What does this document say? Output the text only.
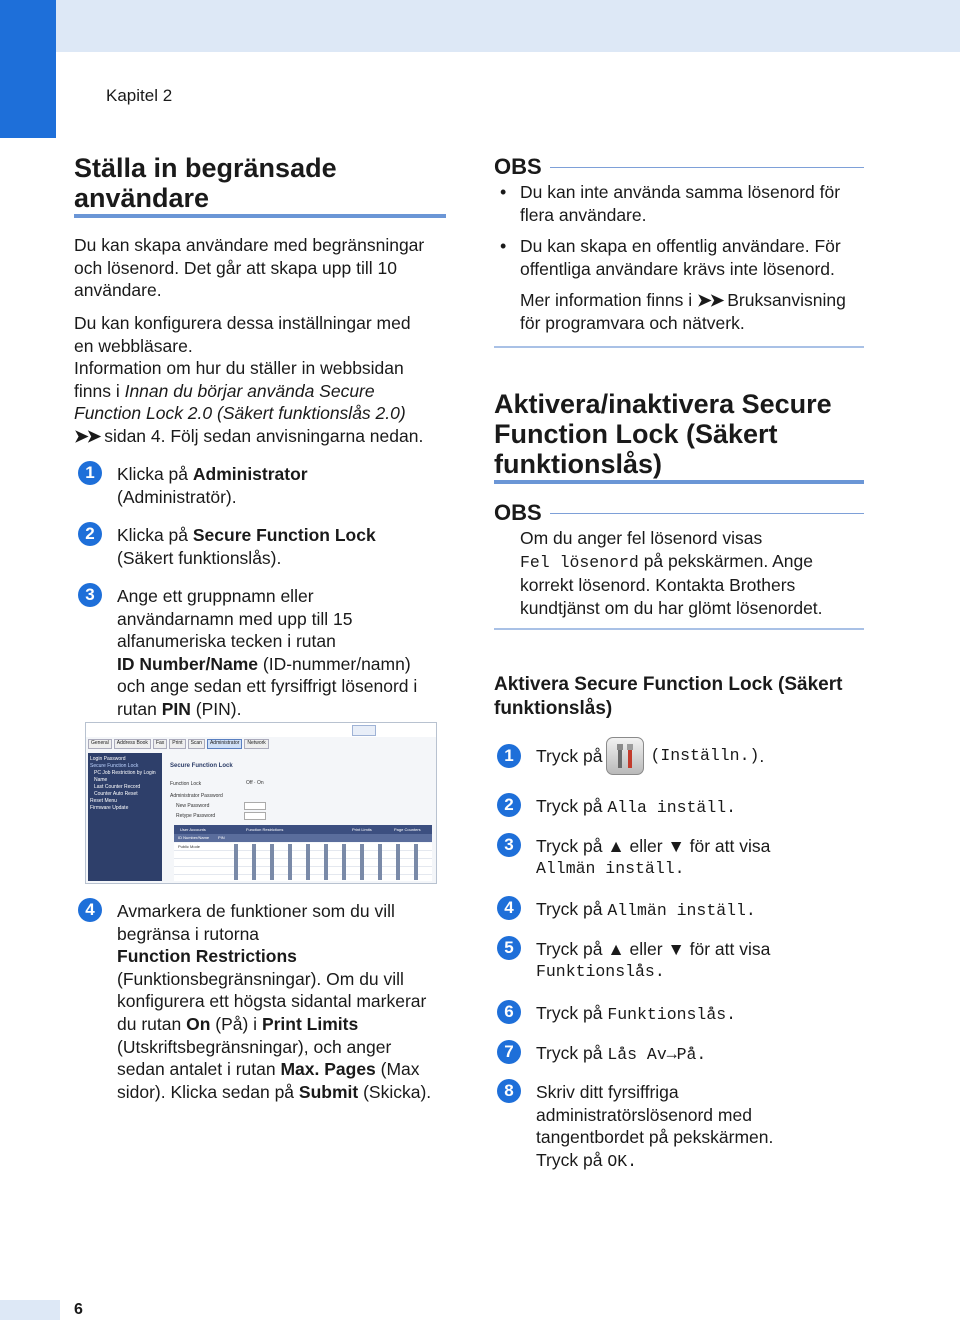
Kapitel 2
Ställa in begränsade
användare

Du kan skapa användare med begränsningar

och lösenord. Det går att skapa upp till 10

användare.

Du kan konfigurera dessa inställningar med

en webbläsare.

Information om hur du ställer in webbsidan

finns i Innan du börjar använda Secure

Function Lock 2.0 (Säkert funktionslås 2.0)

➤➤ sidan 4. Följ sedan anvisningarna nedan.

1	Klicka på Administrator

(Administratör).

2	Klicka på Secure Function Lock

(Säkert funktionslås).

3	Ange ett gruppnamn eller

användarnamn med upp till 15

alfanumeriska tecken i rutan

ID Number/Name (ID-nummer/namn)

och ange sedan ett fyrsiffrigt lösenord i

rutan PIN (PIN).

General	Address Book	Fax	Print	Scan	Administrator	Network
Login Password
Secure Function Lock
PC Job Restriction by Login Name
Last Counter Record
Counter Auto Reset
Reset Menu
Firmware Update
Secure Function Lock
Function Lock	Off · On
Administrator Password
New Password
Retype Password
User Accounts	Function Restrictions	Print Limits	Page Counters
ID Number/Name PIN
Public Mode
4	Avmarkera de funktioner som du vill

begränsa i rutorna

Function Restrictions

(Funktionsbegränsningar). Om du vill

konfigurera ett högsta sidantal markerar

du rutan On (På) i Print Limits

(Utskriftsbegränsningar), och anger

sedan antalet i rutan Max. Pages (Max

sidor). Klicka sedan på Submit (Skicka).

OBS
• Du kan inte använda samma lösenord för

flera användare.

• Du kan skapa en offentlig användare. För

offentliga användare krävs inte lösenord.

Mer information finns i ➤➤ Bruksanvisning

för programvara och nätverk.

Aktivera/inaktivera Secure
Function Lock (Säkert
funktionslås)
OBS

Om du anger fel lösenord visas

Fel lösenord på pekskärmen. Ange

korrekt lösenord. Kontakta Brothers

kundtjänst om du har glömt lösenordet.

Aktivera Secure Function Lock (Säkert

funktionslås)

1	Tryck på	(Inställn.) .
2	Tryck på Alla inställ.

3	Tryck på ▲ eller ▼ för att visa

Allmän inställ.

4	Tryck på Allmän inställ.

5	Tryck på ▲ eller ▼ för att visa

Funktionslås.

6	Tryck på Funktionslås.

7	Tryck på Lås Av→På.

8	Skriv ditt fyrsiffriga

administratörslösenord med

tangentbordet på pekskärmen.

Tryck på OK.

6
